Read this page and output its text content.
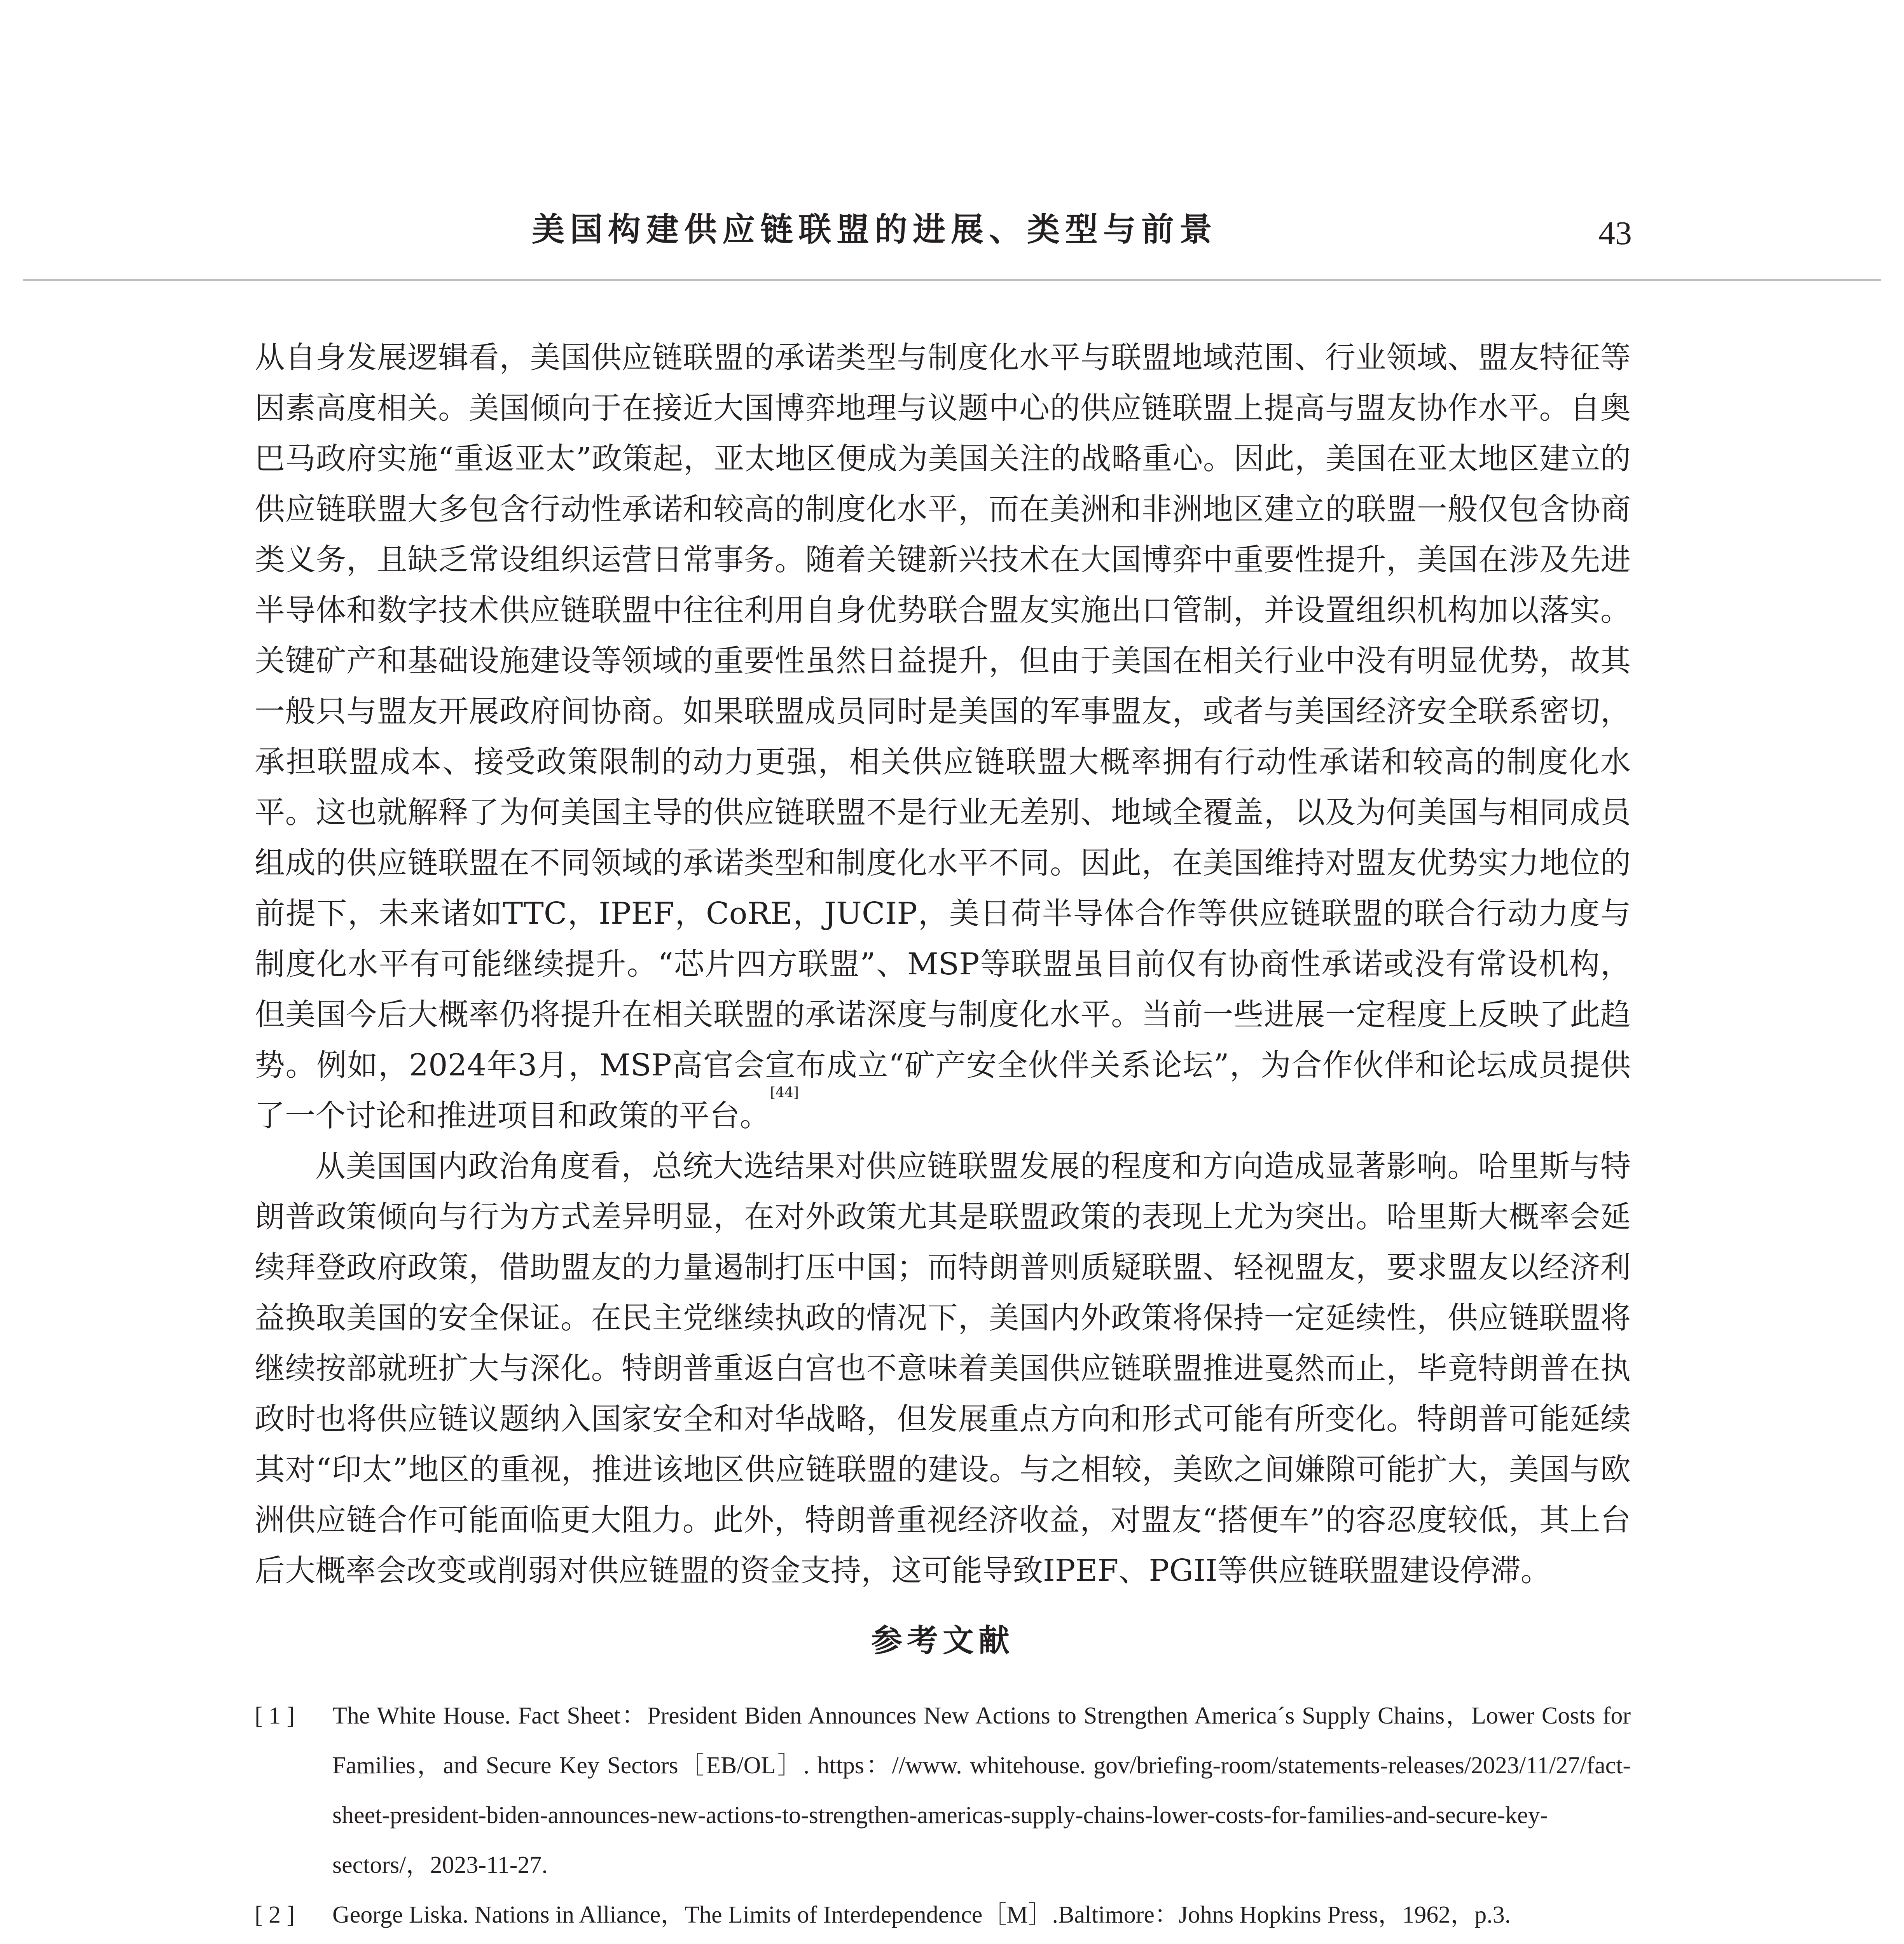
美国构建供应链联盟的进展、类型与前景	43

从自身发展逻辑看，美国供应链联盟的承诺类型与制度化水平与联盟地域范围、行业领域、盟友特征等因素高度相关。美国倾向于在接近大国博弈地理与议题中心的供应链联盟上提高与盟友协作水平。自奥巴马政府实施“重返亚太”政策起，亚太地区便成为美国关注的战略重心。因此，美国在亚太地区建立的供应链联盟大多包含行动性承诺和较高的制度化水平，而在美洲和非洲地区建立的联盟一般仅包含协商类义务，且缺乏常设组织运营日常事务。随着关键新兴技术在大国博弈中重要性提升，美国在涉及先进半导体和数字技术供应链联盟中往往利用自身优势联合盟友实施出口管制，并设置组织机构加以落实。关键矿产和基础设施建设等领域的重要性虽然日益提升，但由于美国在相关行业中没有明显优势，故其一般只与盟友开展政府间协商。如果联盟成员同时是美国的军事盟友，或者与美国经济安全联系密切，承担联盟成本、接受政策限制的动力更强，相关供应链联盟大概率拥有行动性承诺和较高的制度化水平。这也就解释了为何美国主导的供应链联盟不是行业无差别、地域全覆盖，以及为何美国与相同成员组成的供应链联盟在不同领域的承诺类型和制度化水平不同。因此，在美国维持对盟友优势实力地位的前提下，未来诸如TTC，IPEF，CoRE，JUCIP，美日荷半导体合作等供应链联盟的联合行动力度与制度化水平有可能继续提升。“芯片四方联盟”、MSP等联盟虽目前仅有协商性承诺或没有常设机构，但美国今后大概率仍将提升在相关联盟的承诺深度与制度化水平。当前一些进展一定程度上反映了此趋势。例如，2024年3月，MSP高官会宣布成立“矿产安全伙伴关系论坛”，为合作伙伴和论坛成员提供了一个讨论和推进项目和政策的平台。[44]

从美国国内政治角度看，总统大选结果对供应链联盟发展的程度和方向造成显著影响。哈里斯与特朗普政策倾向与行为方式差异明显，在对外政策尤其是联盟政策的表现上尤为突出。哈里斯大概率会延续拜登政府政策，借助盟友的力量遏制打压中国；而特朗普则质疑联盟、轻视盟友，要求盟友以经济利益换取美国的安全保证。在民主党继续执政的情况下，美国内外政策将保持一定延续性，供应链联盟将继续按部就班扩大与深化。特朗普重返白宫也不意味着美国供应链联盟推进戛然而止，毕竟特朗普在执政时也将供应链议题纳入国家安全和对华战略，但发展重点方向和形式可能有所变化。特朗普可能延续其对“印太”地区的重视，推进该地区供应链联盟的建设。与之相较，美欧之间嫌隙可能扩大，美国与欧洲供应链合作可能面临更大阻力。此外，特朗普重视经济收益，对盟友“搭便车”的容忍度较低，其上台后大概率会改变或削弱对供应链盟的资金支持，这可能导致IPEF、PGII等供应链联盟建设停滞。

参考文献
[ 1 ]	The White House. Fact Sheet：President Biden Announces New Actions to Strengthen America´s Supply Chains，Lower Costs for Families，and Secure Key Sectors［EB/OL］. https：//www. whitehouse. gov/briefing-room/statements-releases/2023/11/27/fact-sheet-president-biden-announces-new-actions-to-strengthen-americas-supply-chains-lower-costs-for-families-and-secure-key-sectors/，2023-11-27.
[ 2 ]	George Liska. Nations in Alliance，The Limits of Interdependence［M］.Baltimore：Johns Hopkins Press，1962，p.3.
